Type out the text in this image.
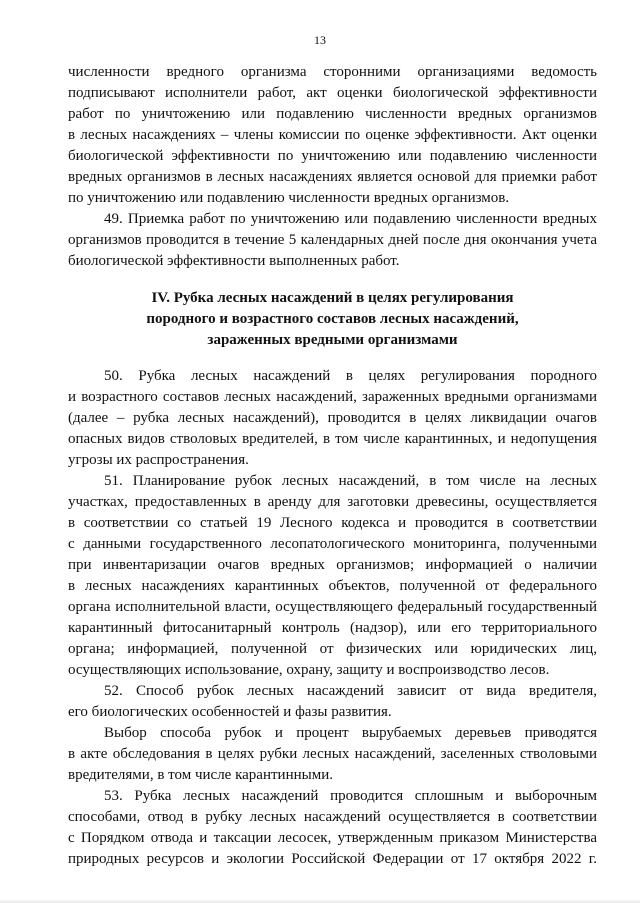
13
численности вредного организма сторонними организациями ведомость
подписывают исполнители работ, акт оценки биологической эффективности
работ по уничтожению или подавлению численности вредных организмов
в лесных насаждениях – члены комиссии по оценке эффективности. Акт оценки
биологической эффективности по уничтожению или подавлению численности
вредных организмов в лесных насаждениях является основой для приемки работ
по уничтожению или подавлению численности вредных организмов.
49. Приемка работ по уничтожению или подавлению численности вредных
организмов проводится в течение 5 календарных дней после дня окончания учета
биологической эффективности выполненных работ.
IV. Рубка лесных насаждений в целях регулирования
породного и возрастного составов лесных насаждений,
зараженных вредными организмами
50. Рубка лесных насаждений в целях регулирования породного
и возрастного составов лесных насаждений, зараженных вредными организмами
(далее – рубка лесных насаждений), проводится в целях ликвидации очагов
опасных видов стволовых вредителей, в том числе карантинных, и недопущения
угрозы их распространения.
51. Планирование рубок лесных насаждений, в том числе на лесных
участках, предоставленных в аренду для заготовки древесины, осуществляется
в соответствии со статьей 19 Лесного кодекса и проводится в соответствии
с данными государственного лесопатологического мониторинга, полученными
при инвентаризации очагов вредных организмов; информацией о наличии
в лесных насаждениях карантинных объектов, полученной от федерального
органа исполнительной власти, осуществляющего федеральный государственный
карантинный фитосанитарный контроль (надзор), или его территориального
органа; информацией, полученной от физических или юридических лиц,
осуществляющих использование, охрану, защиту и воспроизводство лесов.
52. Способ рубок лесных насаждений зависит от вида вредителя,
его биологических особенностей и фазы развития.
Выбор способа рубок и процент вырубаемых деревьев приводятся
в акте обследования в целях рубки лесных насаждений, заселенных стволовыми
вредителями, в том числе карантинными.
53. Рубка лесных насаждений проводится сплошным и выборочным
способами, отвод в рубку лесных насаждений осуществляется в соответствии
с Порядком отвода и таксации лесосек, утвержденным приказом Министерства
природных ресурсов и экологии Российской Федерации от 17 октября 2022 г.
